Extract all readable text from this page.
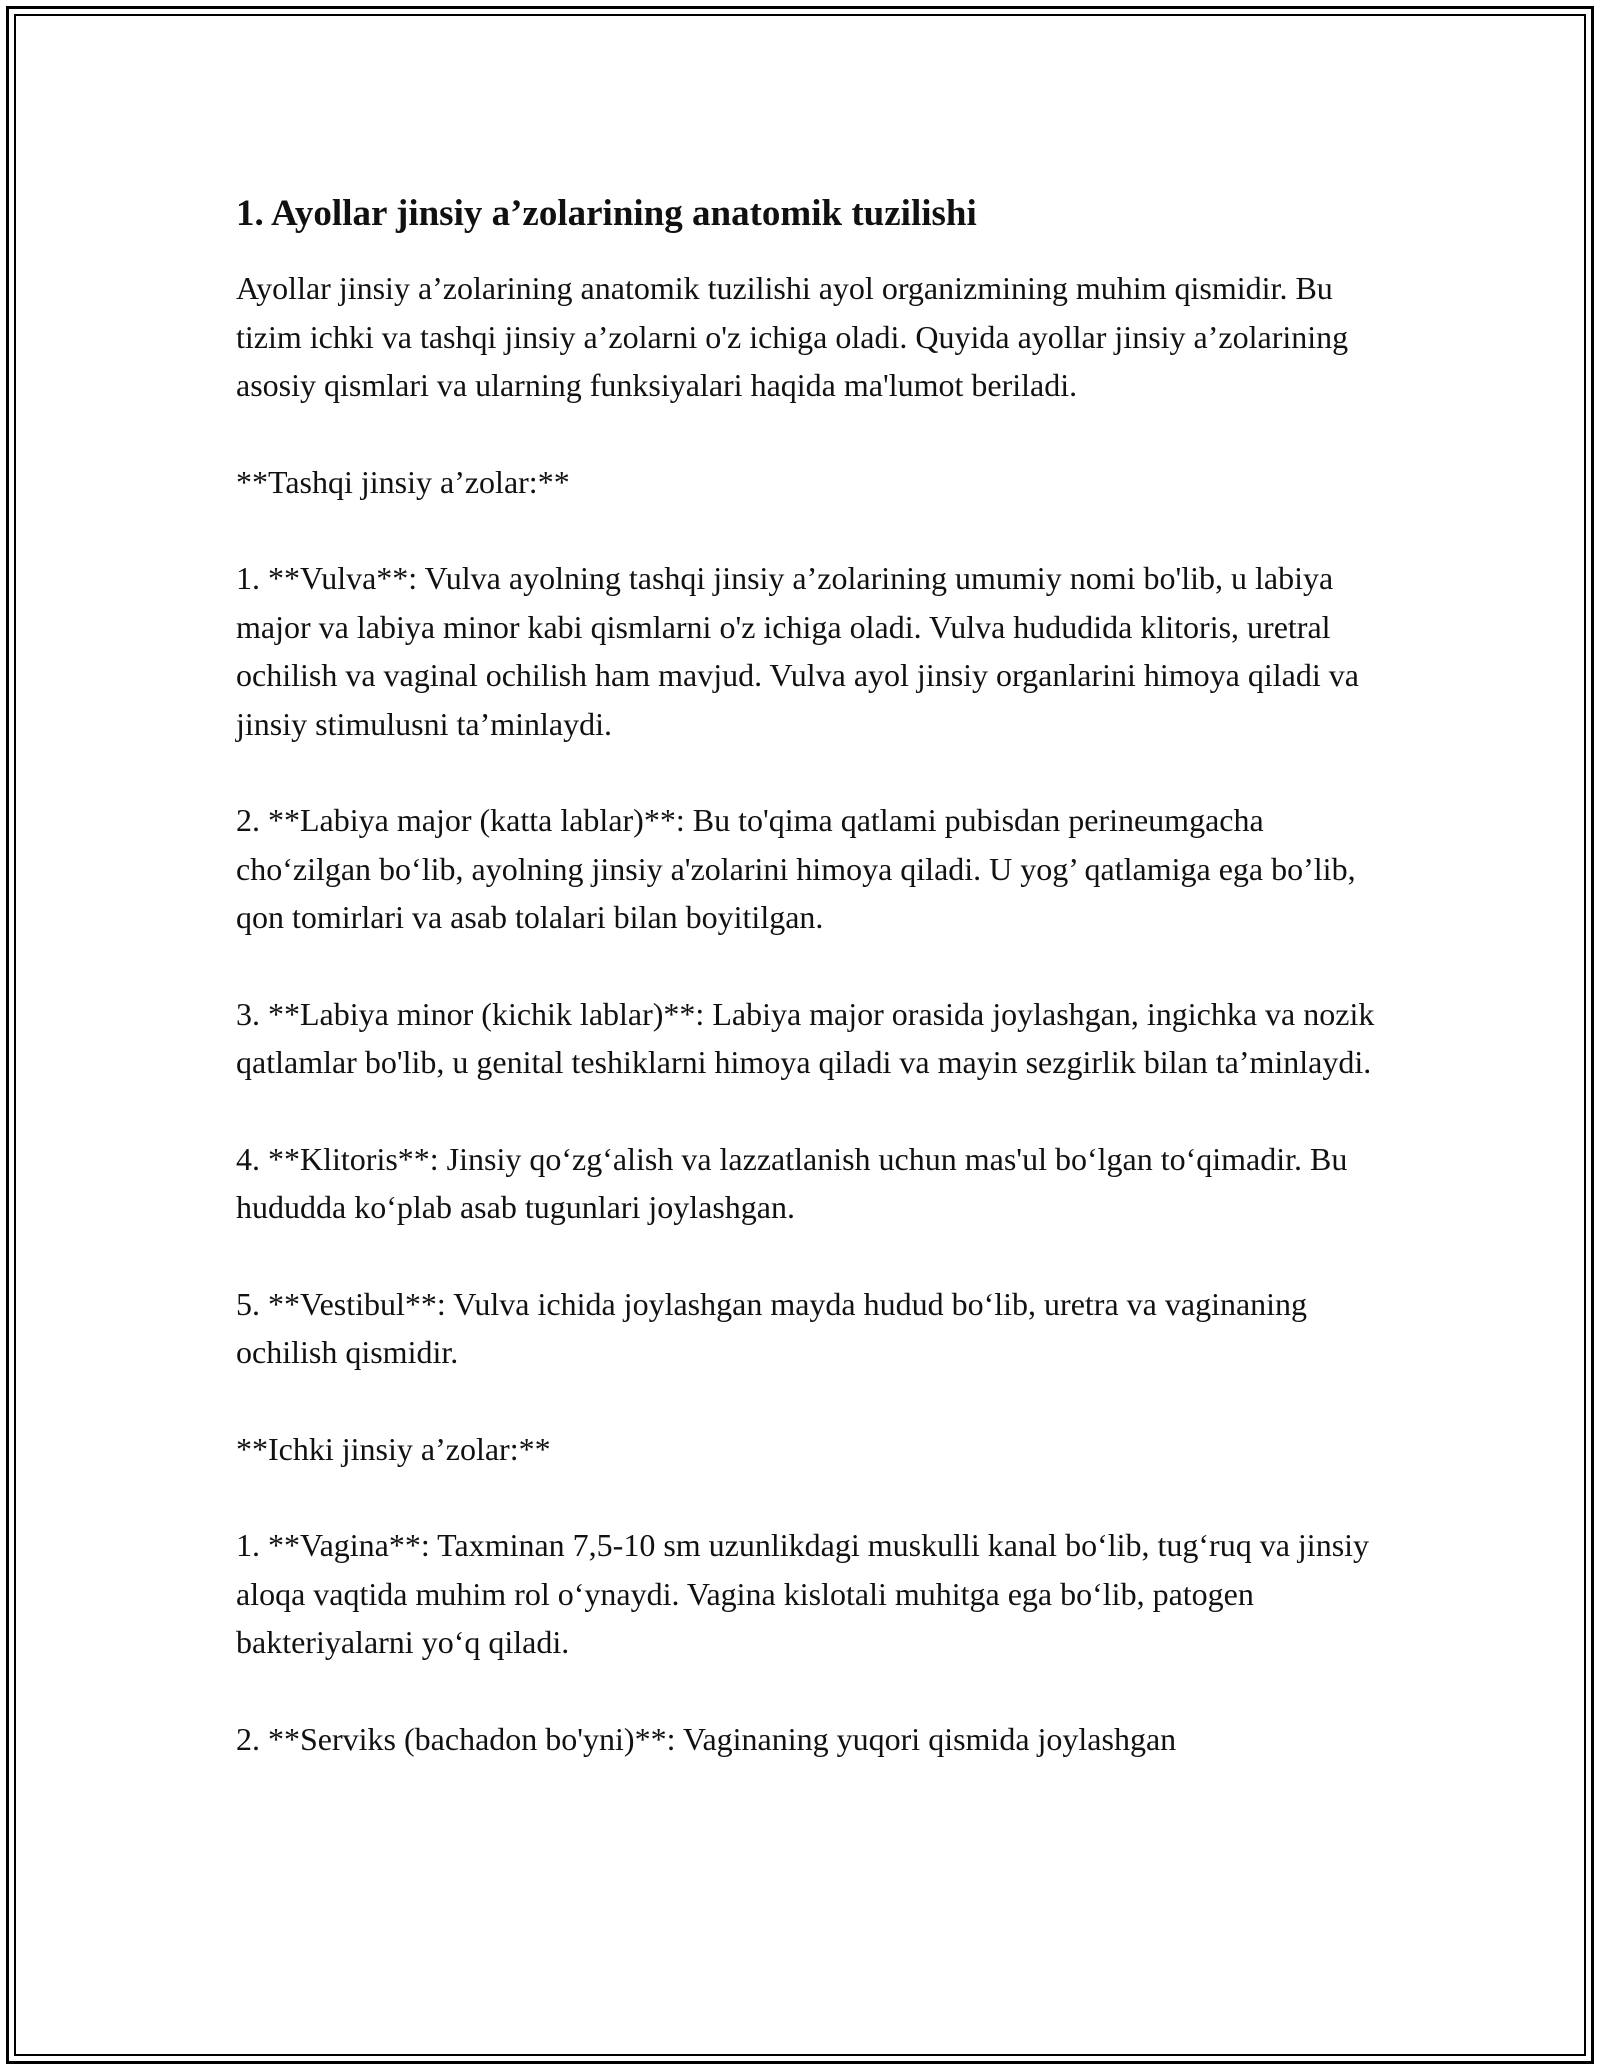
1. Ayollar jinsiy a’zolarining anatomik tuzilishi

Ayollar jinsiy a’zolarining anatomik tuzilishi ayol organizmining muhim qismidir. Bu tizim ichki va tashqi jinsiy a’zolarni o'z ichiga oladi. Quyida ayollar jinsiy a’zolarining asosiy qismlari va ularning funksiyalari haqida ma'lumot beriladi.

**Tashqi jinsiy a’zolar:**

1. **Vulva**: Vulva ayolning tashqi jinsiy a’zolarining umumiy nomi bo'lib, u labiya major va labiya minor kabi qismlarni o'z ichiga oladi. Vulva hududida klitoris, uretral ochilish va vaginal ochilish ham mavjud. Vulva ayol jinsiy organlarini himoya qiladi va jinsiy stimulusni ta’minlaydi.

2. **Labiya major (katta lablar)**: Bu to'qima qatlami pubisdan perineumgacha cho‘zilgan bo‘lib, ayolning jinsiy a'zolarini himoya qiladi. U yog’ qatlamiga ega bo’lib, qon tomirlari va asab tolalari bilan boyitilgan.

3. **Labiya minor (kichik lablar)**: Labiya major orasida joylashgan, ingichka va nozik qatlamlar bo'lib, u genital teshiklarni himoya qiladi va mayin sezgirlik bilan ta’minlaydi.

4. **Klitoris**: Jinsiy qo‘zg‘alish va lazzatlanish uchun mas'ul bo‘lgan to‘qimadir. Bu hududda ko‘plab asab tugunlari joylashgan.

5. **Vestibul**: Vulva ichida joylashgan mayda hudud bo‘lib, uretra va vaginaning ochilish qismidir.

**Ichki jinsiy a’zolar:**

1. **Vagina**: Taxminan 7,5-10 sm uzunlikdagi muskulli kanal bo‘lib, tug‘ruq va jinsiy aloqa vaqtida muhim rol o‘ynaydi. Vagina kislotali muhitga ega bo‘lib, patogen bakteriyalarni yo‘q qiladi.

2. **Serviks (bachadon bo'yni)**: Vaginaning yuqori qismida joylashgan
